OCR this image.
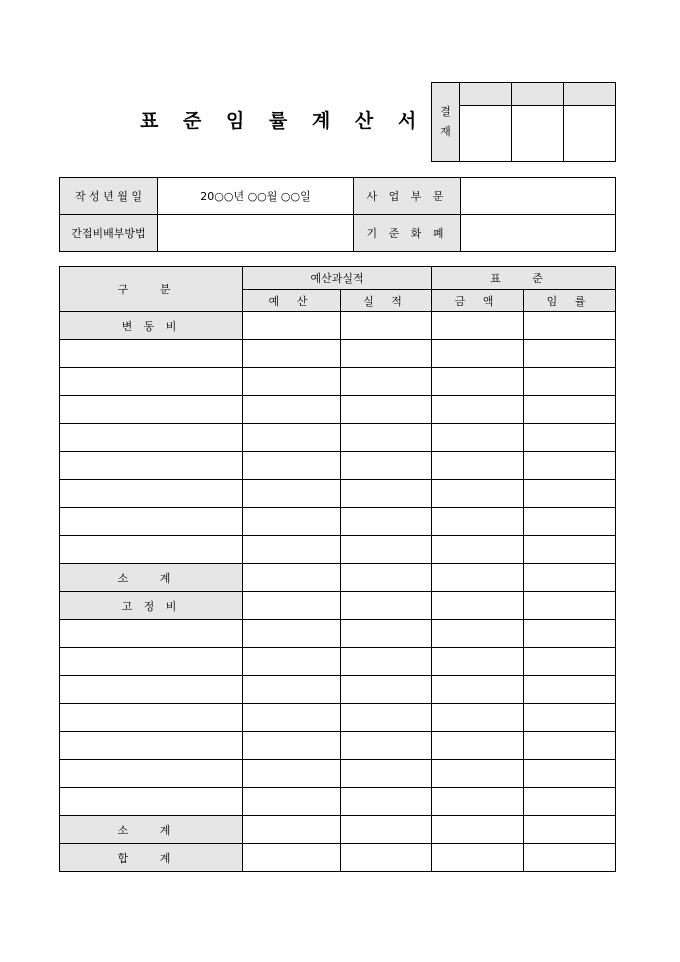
표 준 임 률 계 산 서	결
재			

작 성 년 월 일	20○○년 ○○월 ○○일	사 업 부 문	
간접비배부방법		기 준 화 폐	
구 분	예산과실적		표 준	
	예 산	실 적	금 액	임 률
변 동 비				

소 계				
고 정 비				

소 계				
합 계				
